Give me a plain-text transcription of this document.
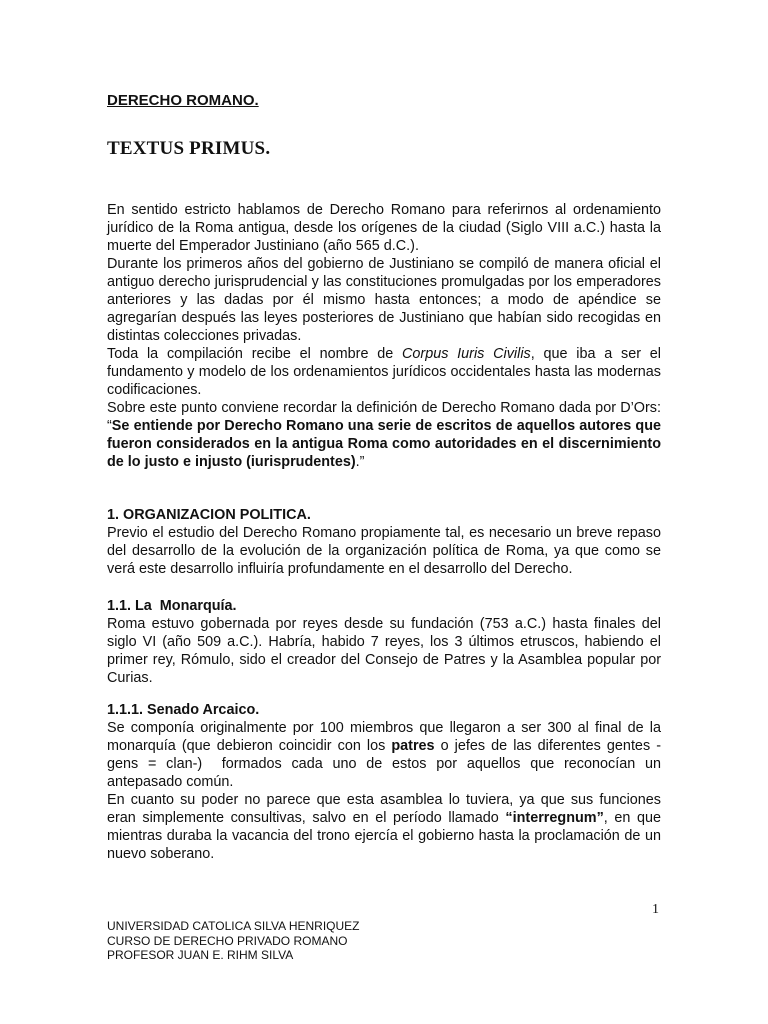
DERECHO ROMANO.
TEXTUS PRIMUS.

En sentido estricto hablamos de Derecho Romano para referirnos al ordenamiento jurídico de la Roma antigua, desde los orígenes de la ciudad (Siglo VIII a.C.) hasta la muerte del Emperador Justiniano (año 565 d.C.).

Durante los primeros años del gobierno de Justiniano se compiló de manera oficial el antiguo derecho jurisprudencial y las constituciones promulgadas por los emperadores anteriores y las dadas por él mismo hasta entonces; a modo de apéndice se agregarían después las leyes posteriores de Justiniano que habían sido recogidas en distintas colecciones privadas.

Toda la compilación recibe el nombre de Corpus Iuris Civilis, que iba a ser el fundamento y modelo de los ordenamientos jurídicos occidentales hasta las modernas codificaciones.

Sobre este punto conviene recordar la definición de Derecho Romano dada por D’Ors: “Se entiende por Derecho Romano una serie de escritos de aquellos autores que fueron considerados en la antigua Roma como autoridades en el discernimiento de lo justo e injusto (iurisprudentes).”

1. ORGANIZACION POLITICA.

Previo el estudio del Derecho Romano propiamente tal, es necesario un breve repaso del desarrollo de la evolución de la organización política de Roma, ya que como se verá este desarrollo influiría profundamente en el desarrollo del Derecho.

1.1. La  Monarquía.

Roma estuvo gobernada por reyes desde su fundación (753 a.C.) hasta finales del siglo VI (año 509 a.C.). Habría, habido 7 reyes, los 3 últimos etruscos, habiendo el primer rey, Rómulo, sido el creador del Consejo de Patres y la Asamblea popular por Curias.

1.1.1. Senado Arcaico.

Se componía originalmente por 100 miembros que llegaron a ser 300 al final de la monarquía (que debieron coincidir con los patres o jefes de las diferentes gentes -gens = clan-)  formados cada uno de estos por aquellos que reconocían un antepasado común.

En cuanto su poder no parece que esta asamblea lo tuviera, ya que sus funciones eran simplemente consultivas, salvo en el período llamado “interregnum”, en que mientras duraba la vacancia del trono ejercía el gobierno hasta la proclamación de un nuevo soberano.

1
UNIVERSIDAD CATOLICA SILVA HENRIQUEZ
CURSO DE DERECHO PRIVADO ROMANO
PROFESOR JUAN E. RIHM SILVA
